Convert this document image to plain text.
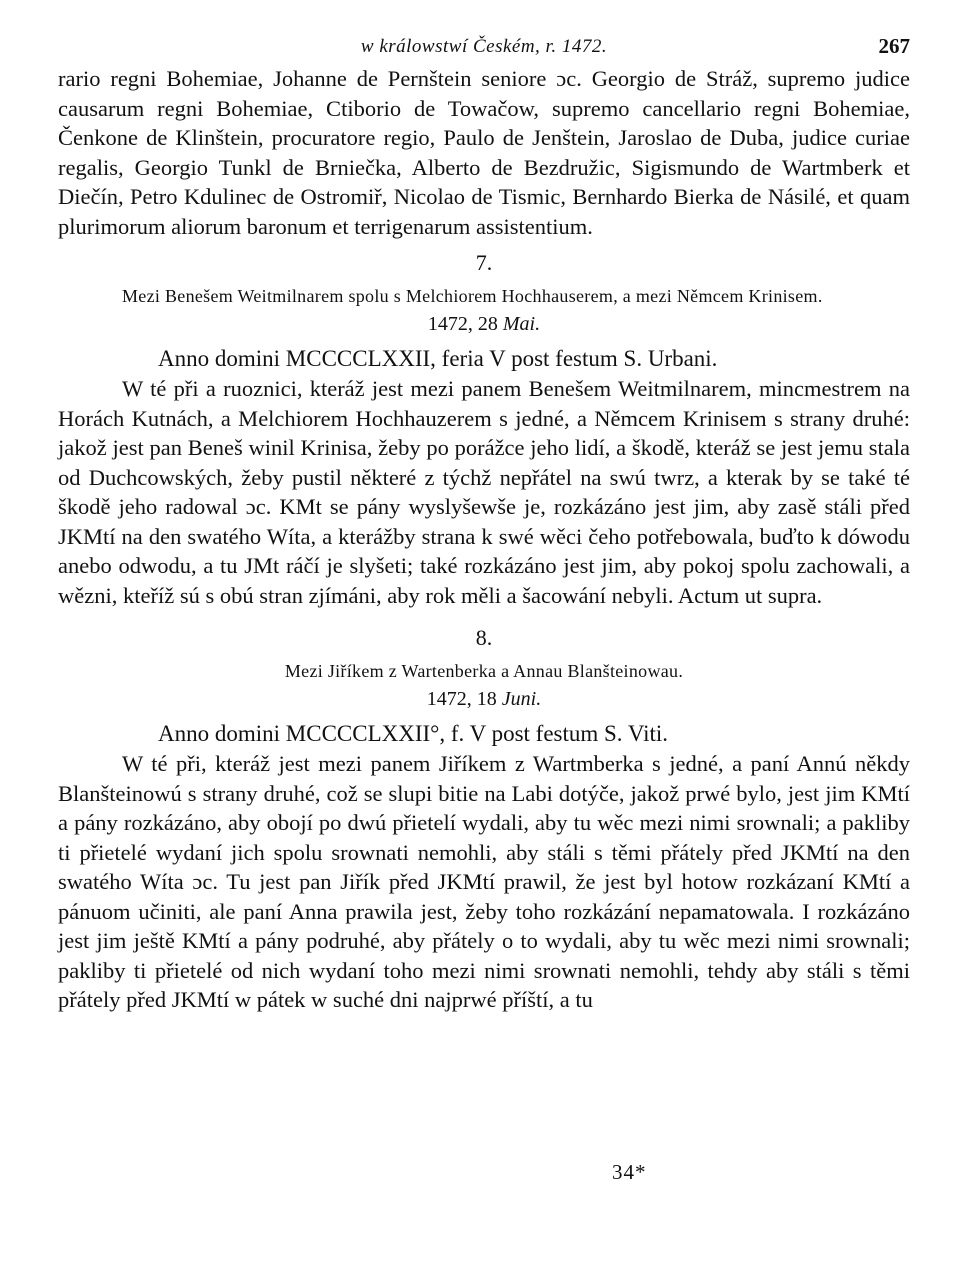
w králowstwí Českém, r. 1472.	267

rario regni Bohemiae, Johanne de Pernštein seniore ɔc. Georgio de Stráž, supremo judice causarum regni Bohemiae, Ctiborio de Towačow, supremo cancellario regni Bohemiae, Čenkone de Klinštein, procuratore regio, Paulo de Jenštein, Jaroslao de Duba, judice curiae regalis, Georgio Tunkl de Brniečka, Alberto de Bezdružic, Sigismundo de Wartmberk et Diečín, Petro Kdulinec de Ostromiř, Nicolao de Tismic, Bernhardo Bierka de Násilé, et quam plurimorum aliorum baronum et terrigenarum assistentium.

7.

Mezi Benešem Weitmilnarem spolu s Melchiorem Hochhauserem, a mezi Němcem Krinisem.

1472, 28 Mai.

Anno domini MCCCCLXXII, feria V post festum S. Urbani.

W té při a ruoznici, kteráž jest mezi panem Benešem Weitmilnarem, mincmestrem na Horách Kutnách, a Melchiorem Hochhauzerem s jedné, a Němcem Krinisem s strany druhé: jakož jest pan Beneš winil Krinisa, žeby po porážce jeho lidí, a škodě, kteráž se jest jemu stala od Duchcowských, žeby pustil některé z týchž nepřátel na swú twrz, a kterak by se také té škodě jeho radowal ɔc. KMt se pány wyslyšewše je, rozkázáno jest jim, aby zasě stáli před JKMtí na den swatého Wíta, a kterážby strana k swé wěci čeho potřebowala, buďto k dówodu anebo odwodu, a tu JMt ráčí je slyšeti; také rozkázáno jest jim, aby pokoj spolu zachowali, a wězni, kteříž sú s obú stran zjímáni, aby rok měli a šacowání nebyli. Actum ut supra.

8.

Mezi Jiříkem z Wartenberka a Annau Blanšteinowau.

1472, 18 Juni.

Anno domini MCCCCLXXII°, f. V post festum S. Viti.

W té při, kteráž jest mezi panem Jiříkem z Wartmberka s jedné, a paní Annú někdy Blanšteinowú s strany druhé, což se slupi bitie na Labi dotýče, jakož prwé bylo, jest jim KMtí a pány rozkázáno, aby obojí po dwú přietelí wydali, aby tu wěc mezi nimi srownali; a pakliby ti přietelé wydaní jich spolu srownati nemohli, aby stáli s těmi přátely před JKMtí na den swatého Wíta ɔc. Tu jest pan Jiřík před JKMtí prawil, že jest byl hotow rozkázaní KMtí a pánuom učiniti, ale paní Anna prawila jest, žeby toho rozkázání nepamatowala. I rozkázáno jest jim ještě KMtí a pány podruhé, aby přátely o to wydali, aby tu wěc mezi nimi srownali; pakliby ti přietelé od nich wydaní toho mezi nimi srownati nemohli, tehdy aby stáli s těmi přátely před JKMtí w pátek w suché dni najprwé příští, a tu

34*
